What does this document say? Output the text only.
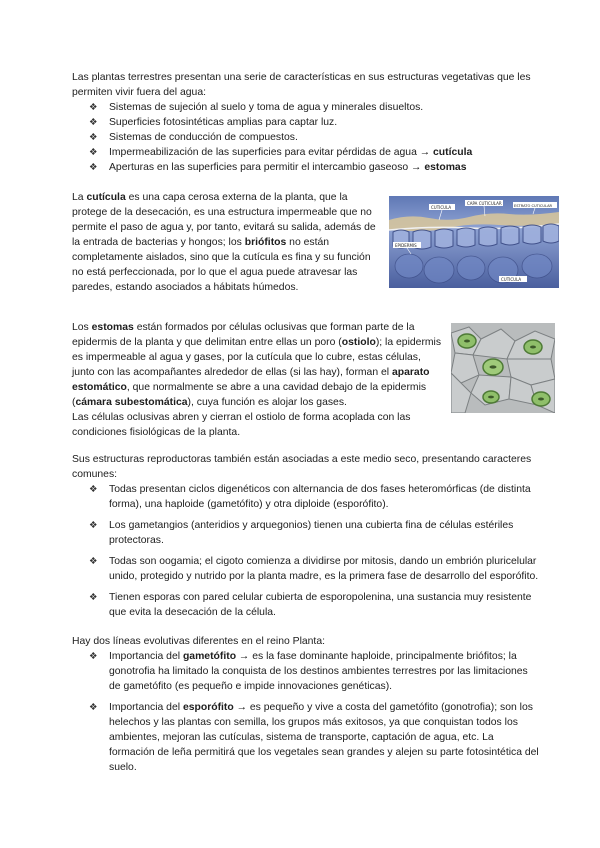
Las plantas terrestres presentan una serie de características en sus estructuras vegetativas que les permiten vivir fuera del agua:

❖ Sistemas de sujeción al suelo y toma de agua y minerales disueltos.
❖ Superficies fotosintéticas amplias para captar luz.
❖ Sistemas de conducción de compuestos.
❖ Impermeabilización de las superficies para evitar pérdidas de agua → cutícula
❖ Aperturas en las superficies para permitir el intercambio gaseoso → estomas

La cutícula es una capa cerosa externa de la planta, que la protege de la desecación, es una estructura impermeable que no permite el paso de agua y, por tanto, evitará su salida, además de la entrada de bacterias y hongos; los briófitos no están completamente aislados, sino que la cutícula es fina y su función no está perfeccionada, por lo que el agua puede atravesar las paredes, estando asociados a hábitats húmedos.

CUTICULA
CAPA CUTICULAR	ESTRATO CUTICULAR
EPIDERMIS
CUTICULA

Los estomas están formados por células oclusivas que forman parte de la epidermis de la planta y que delimitan entre ellas un poro (ostiolo); la epidermis es impermeable al agua y gases, por la cutícula que lo cubre, estas células, junto con las acompañantes alrededor de ellas (si las hay), forman el aparato estomático, que normalmente se abre a una cavidad debajo de la epidermis (cámara subestomática), cuya función es alojar los gases.

Las células oclusivas abren y cierran el ostiolo de forma acoplada con las condiciones fisiológicas de la planta.

Sus estructuras reproductoras también están asociadas a este medio seco, presentando caracteres comunes:

❖ Todas presentan ciclos digenéticos con alternancia de dos fases heteromórficas (de distinta forma), una haploide (gametófito) y otra diploide (esporófito).
❖ Los gametangios (anteridios y arquegonios) tienen una cubierta fina de células estériles protectoras.
❖ Todas son oogamia; el cigoto comienza a dividirse por mitosis, dando un embrión pluricelular unido, protegido y nutrido por la planta madre, es la primera fase de desarrollo del esporófito.
❖ Tienen esporas con pared celular cubierta de esporopolenina, una sustancia muy resistente que evita la desecación de la célula.

Hay dos líneas evolutivas diferentes en el reino Planta:

❖ Importancia del gametófito → es la fase dominante haploide, principalmente briófitos; la gonotrofia ha limitado la conquista de los destinos ambientes terrestres por las limitaciones de gametófito (es pequeño e impide innovaciones genéticas).
❖ Importancia del esporófito → es pequeño y vive a costa del gametófito (gonotrofia); son los helechos y las plantas con semilla, los grupos más exitosos, ya que conquistan todos los ambientes, mejoran las cutículas, sistema de transporte, captación de agua, etc. La formación de leña permitirá que los vegetales sean grandes y alejen su parte fotosintética del suelo.
